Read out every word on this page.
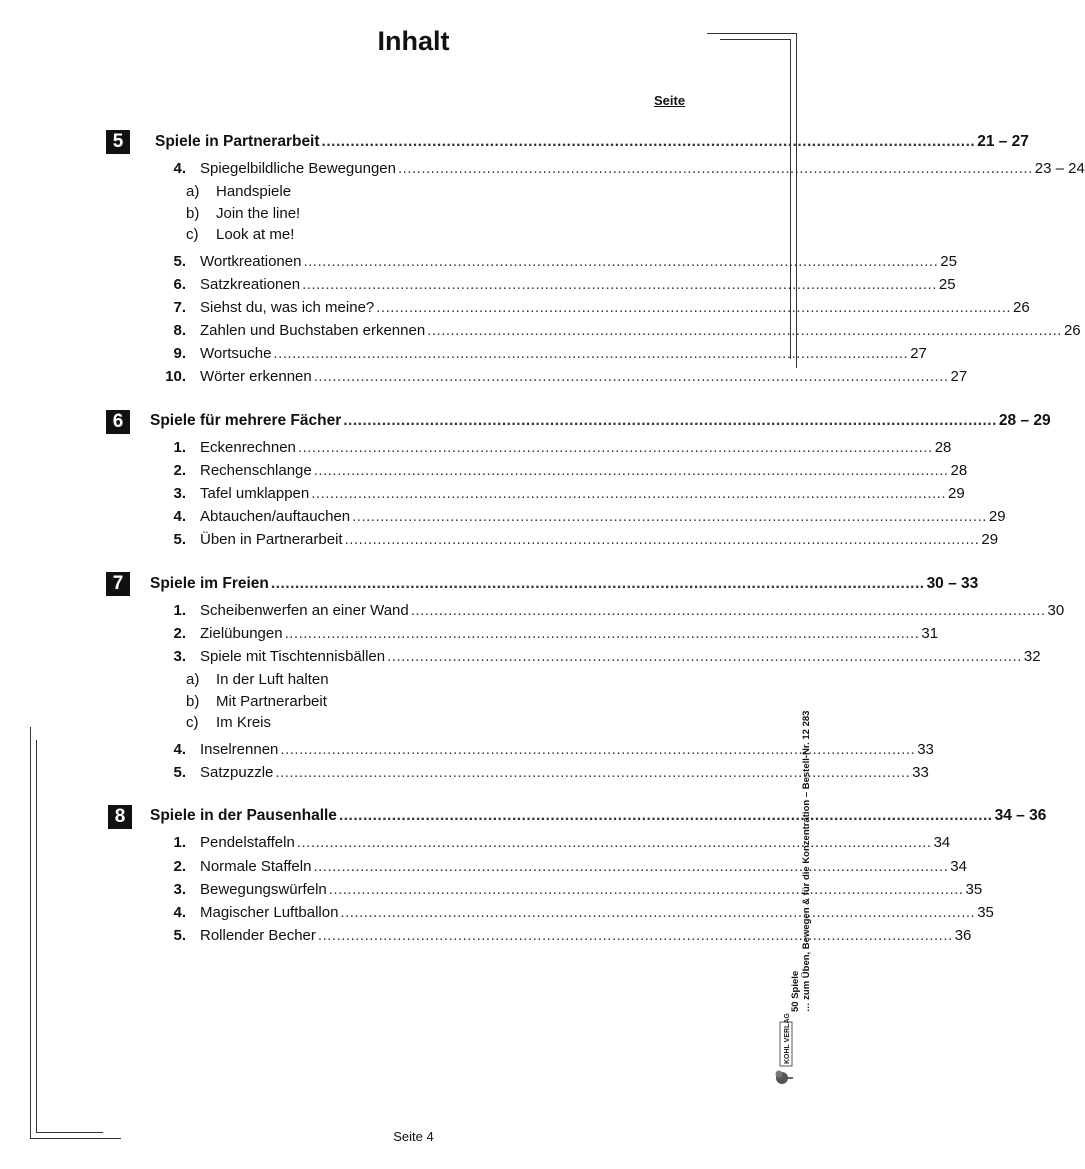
Inhalt
Seite
5	Spiele in Partnerarbeit ........................................................................................................................................ 21 – 27
4. Spiegelbildliche Bewegungen ........................................................................................................................................ 23 – 24
a) Handspiele
b) Join the line!
c) Look at me!
5. Wortkreationen ........................................................................................................................................ 25
6. Satzkreationen ........................................................................................................................................ 25
7. Siehst du, was ich meine? ........................................................................................................................................ 26
8. Zahlen und Buchstaben erkennen ........................................................................................................................................ 26
9. Wortsuche ........................................................................................................................................ 27
10. Wörter erkennen ........................................................................................................................................ 27
6	Spiele für mehrere Fächer ........................................................................................................................................ 28 – 29
1. Eckenrechnen ........................................................................................................................................ 28
2. Rechenschlange ........................................................................................................................................ 28
3. Tafel umklappen ........................................................................................................................................ 29
4. Abtauchen/auftauchen ........................................................................................................................................ 29
5. Üben in Partnerarbeit ........................................................................................................................................ 29
7	Spiele im Freien ........................................................................................................................................ 30 – 33
1. Scheibenwerfen an einer Wand ........................................................................................................................................ 30
2. Zielübungen ........................................................................................................................................ 31
3. Spiele mit Tischtennisbällen ........................................................................................................................................ 32
a) In der Luft halten
b) Mit Partnerarbeit
c) Im Kreis
4. Inselrennen ........................................................................................................................................ 33
5. Satzpuzzle ........................................................................................................................................ 33
8	Spiele in der Pausenhalle ........................................................................................................................................ 34 – 36
1. Pendelstaffeln ........................................................................................................................................ 34
2. Normale Staffeln ........................................................................................................................................ 34
3. Bewegungswürfeln ........................................................................................................................................ 35
4. Magischer Luftballon ........................................................................................................................................ 35
5. Rollender Becher ........................................................................................................................................ 36
50 Spiele … zum Üben, Bewegen & für die Konzentration – Bestell-Nr. 12 283
KOHL VERLAG
Seite 4
